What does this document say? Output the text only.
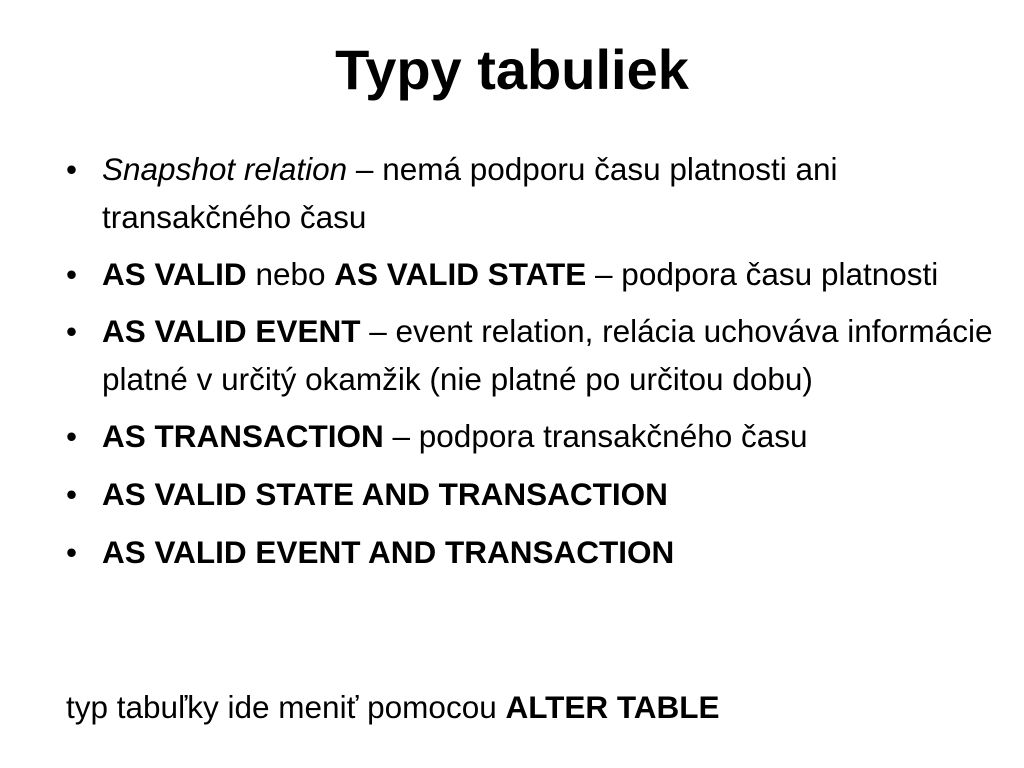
Typy tabuliek
• Snapshot relation – nemá podporu času platnosti ani transakčného času
• AS VALID nebo AS VALID STATE – podpora času platnosti
• AS VALID EVENT – event relation, relácia uchováva informácie platné v určitý okamžik (nie platné po určitou dobu)
• AS TRANSACTION – podpora transakčného času
• AS VALID STATE AND TRANSACTION
• AS VALID EVENT AND TRANSACTION
typ tabuľky ide meniť pomocou ALTER TABLE
